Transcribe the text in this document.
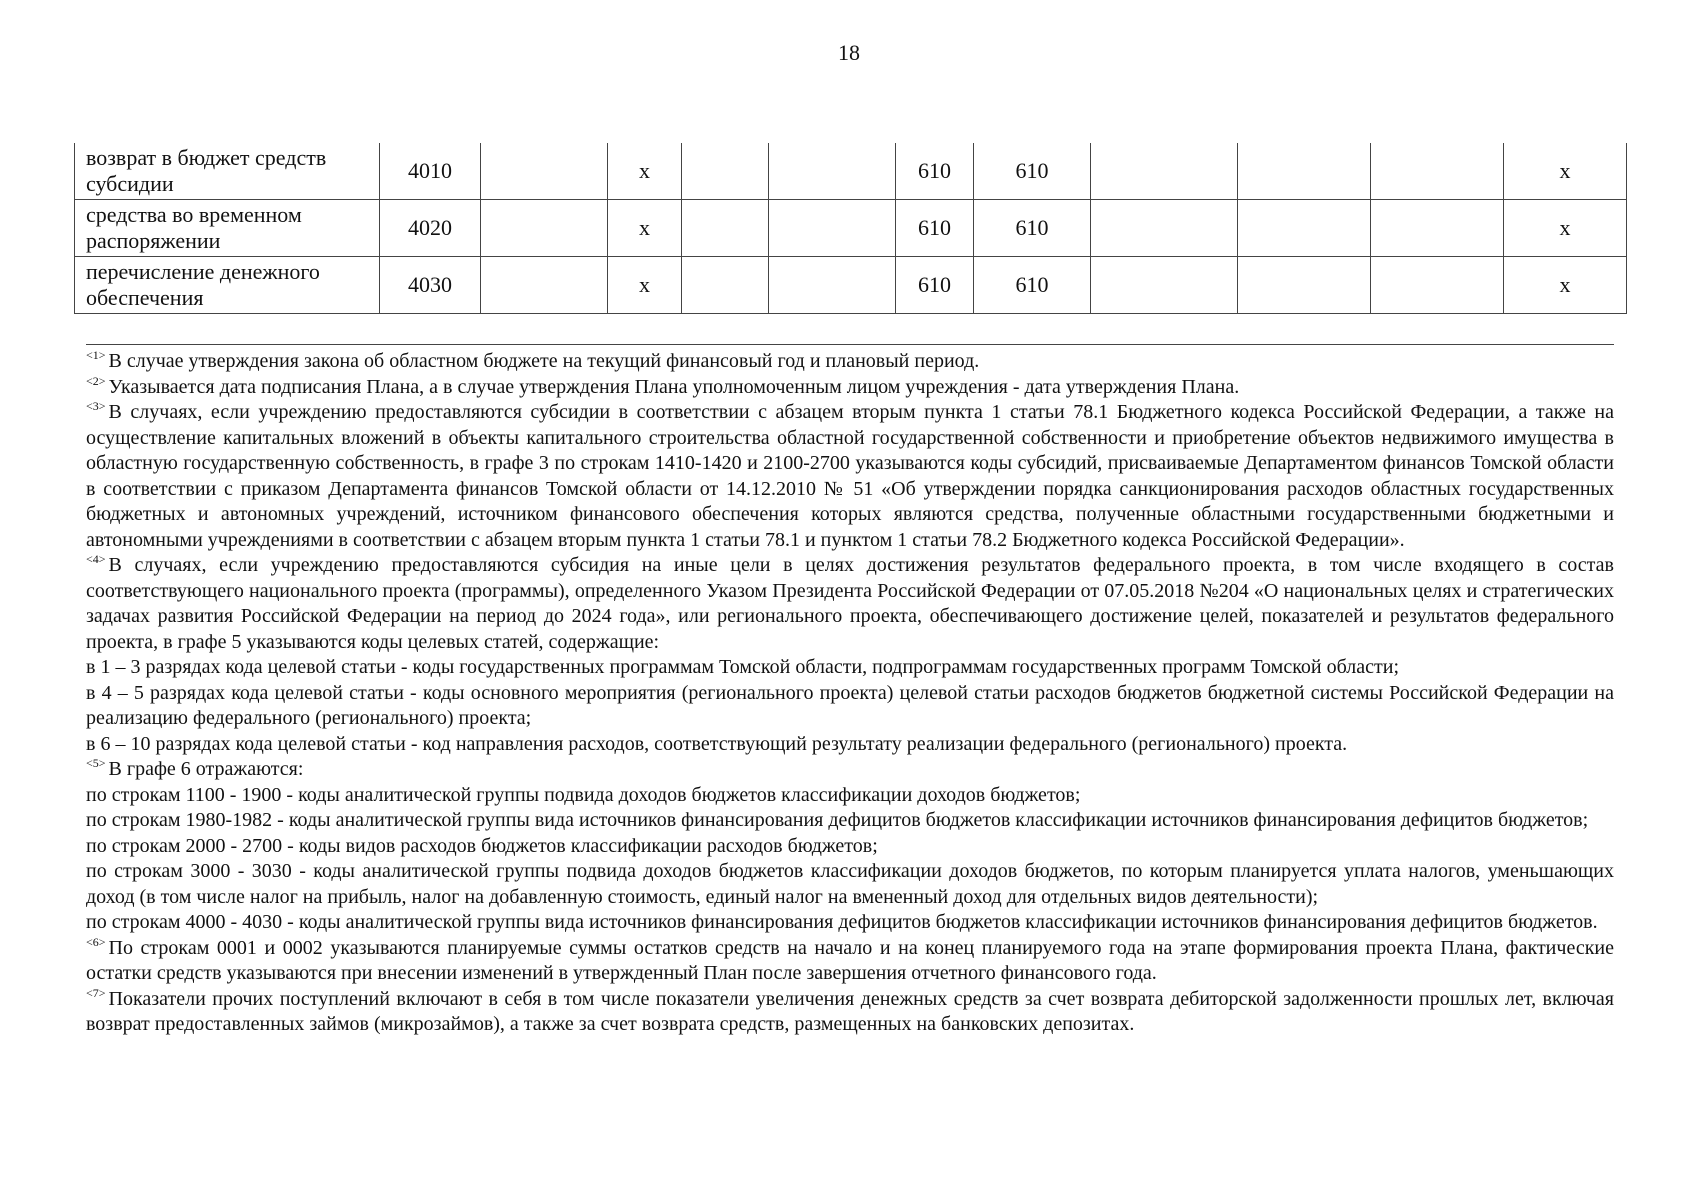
18
возврат в бюджет средств субсидии	4010		x			610	610				x
средства во временном распоряжении	4020		x			610	610				x
перечисление денежного обеспечения	4030		x			610	610				x

$^{<1>}$ В случае утверждения закона об областном бюджете на текущий финансовый год и плановый период.

$^{<2>}$ Указывается дата подписания Плана, а в случае утверждения Плана уполномоченным лицом учреждения - дата утверждения Плана.

$^{<3>}$ В случаях, если учреждению предоставляются субсидии в соответствии с абзацем вторым пункта 1 статьи 78.1 Бюджетного кодекса Российской Федерации, а также на осуществление капитальных вложений в объекты капитального строительства областной государственной собственности и приобретение объектов недвижимого имущества в областную государственную собственность, в графе 3 по строкам 1410-1420 и 2100-2700 указываются коды субсидий, присваиваемые Департаментом финансов Томской области в соответствии с приказом Департамента финансов Томской области от 14.12.2010 № 51 «Об утверждении порядка санкционирования расходов областных государственных бюджетных и автономных учреждений, источником финансового обеспечения которых являются средства, полученные областными государственными бюджетными и автономными учреждениями в соответствии с абзацем вторым пункта 1 статьи 78.1 и пунктом 1 статьи 78.2 Бюджетного кодекса Российской Федерации».

$^{<4>}$ В случаях, если учреждению предоставляются субсидия на иные цели в целях достижения результатов федерального проекта, в том числе входящего в состав соответствующего национального проекта (программы), определенного Указом Президента Российской Федерации от 07.05.2018 №204 «О национальных целях и стратегических задачах развития Российской Федерации на период до 2024 года», или регионального проекта, обеспечивающего достижение целей, показателей и результатов федерального проекта, в графе 5 указываются коды целевых статей, содержащие:

в 1 – 3 разрядах кода целевой статьи - коды государственных программам Томской области, подпрограммам государственных программ Томской области;

в 4 – 5 разрядах кода целевой статьи - коды основного мероприятия (регионального проекта) целевой статьи расходов бюджетов бюджетной системы Российской Федерации на реализацию федерального (регионального) проекта;

в 6 – 10 разрядах кода целевой статьи - код направления расходов, соответствующий результату реализации федерального (регионального) проекта.

$^{<5>}$ В графе 6 отражаются:

по строкам 1100 - 1900 - коды аналитической группы подвида доходов бюджетов классификации доходов бюджетов;

по строкам 1980-1982 - коды аналитической группы вида источников финансирования дефицитов бюджетов классификации источников финансирования дефицитов бюджетов;

по строкам 2000 - 2700 - коды видов расходов бюджетов классификации расходов бюджетов;

по строкам 3000 - 3030 - коды аналитической группы подвида доходов бюджетов классификации доходов бюджетов, по которым планируется уплата налогов, уменьшающих доход (в том числе налог на прибыль, налог на добавленную стоимость, единый налог на вмененный доход для отдельных видов деятельности);

по строкам 4000 - 4030 - коды аналитической группы вида источников финансирования дефицитов бюджетов классификации источников финансирования дефицитов бюджетов.

$^{<6>}$ По строкам 0001 и 0002 указываются планируемые суммы остатков средств на начало и на конец планируемого года на этапе формирования проекта Плана, фактические остатки средств указываются при внесении изменений в утвержденный План после завершения отчетного финансового года.

$^{<7>}$ Показатели прочих поступлений включают в себя в том числе показатели увеличения денежных средств за счет возврата дебиторской задолженности прошлых лет, включая возврат предоставленных займов (микрозаймов), а также за счет возврата средств, размещенных на банковских депозитах.
